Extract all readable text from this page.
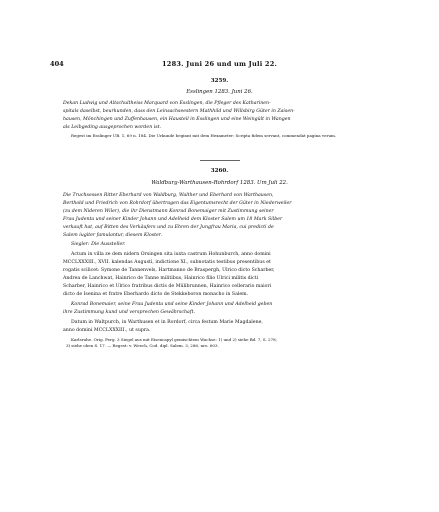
404	1283. Juni 26 und um Juli 22.
3259.
Esslingen 1283. Juni 26.
Dekan Ludwig und Altschultheiss Marquard von Esslingen, die Pfleger des Katharinen-
spitals daselbst, beurkunden, dass den Leinsachseestern Mathhild und Willsbirg Güter in Zaisen-
hausen, Mönchingen und Zuffenhausen, ein Hausteil in Esslingen und eine Weingült in Wangen
als Leibgeding ausgeprochen worden ist.
Regest im Esslinger UB. 1, 69 n. 184. Die Urkunde beginnt mit dem Hexameter: Scripta fidem servant, commendat pagina verum.
3260.
Waldburg-Warthausen-Rohrdorf 1283. Um Juli 22.
Die Truchsessen Ritter Eberhard von Waldburg, Walther und Eberhard von Warthausen,
Berthold und Friedrich von Rohrdorf übertragen das Eigentumsrecht der Güter in Niederweiler
(zu dem Nideren Wiler), die ihr Dienstmann Konrad Bonemaiger mit Zustimmung seiner
Frau Judenta und seiner Kinder Johann und Adelheid dem Kloster Salem um 18 Mark Silber
verkauft hat, auf Bitten des Verkäufers und zu Ehren der Jungfrau Maria, cui predicti de
Salem iugiter famulantur, diesem Kloster.
Siegler: Die Aussteller.
Actum in villa ze dem nidern Orsingen sita iuxta castrum Hohunburch, anno domini
MCCLXXXIII., XVII. kalendas Augusti, indictione XI., subnotatis testibus presentibus et
rogatis scilicet: Symone de Tannenvels, Hartmanno de Braspergh, Ulrico dicto Scharber,
Andrea de Lanchwat, Hainrico de Tanne militibus, Hainrico filio Ulrici militis dicti
Scharber, Hainrico et Ulrico fratribus dictis de Mülibrunnen, Hainrico cellerario maiori
dicto de Isenina et fratre Eberhardo dicto de Stekkeboron monacho in Salem.
Konrad Bonemaier, seine Frau Judenta und seine Kinder Johann und Adelheid geben
ihre Zustimmung kund und versprechen Gewährschaft.
Datum in Waltpurch, in Warthusen et in Rordorf, circa festum Marie Magdalene,
anno domini MCCLXXXIII., ut supra.
Karlsruhe. Orig. Perg. 3 Siegel aus mit Eisencapyl gemischtem Wachse: 1) und 2) siehe Bd. 7, S. 278;
3) siehe oben S. 17. — Regest: v. Weech, Cod. dipl. Salem. 3, 286, nro. 603.
